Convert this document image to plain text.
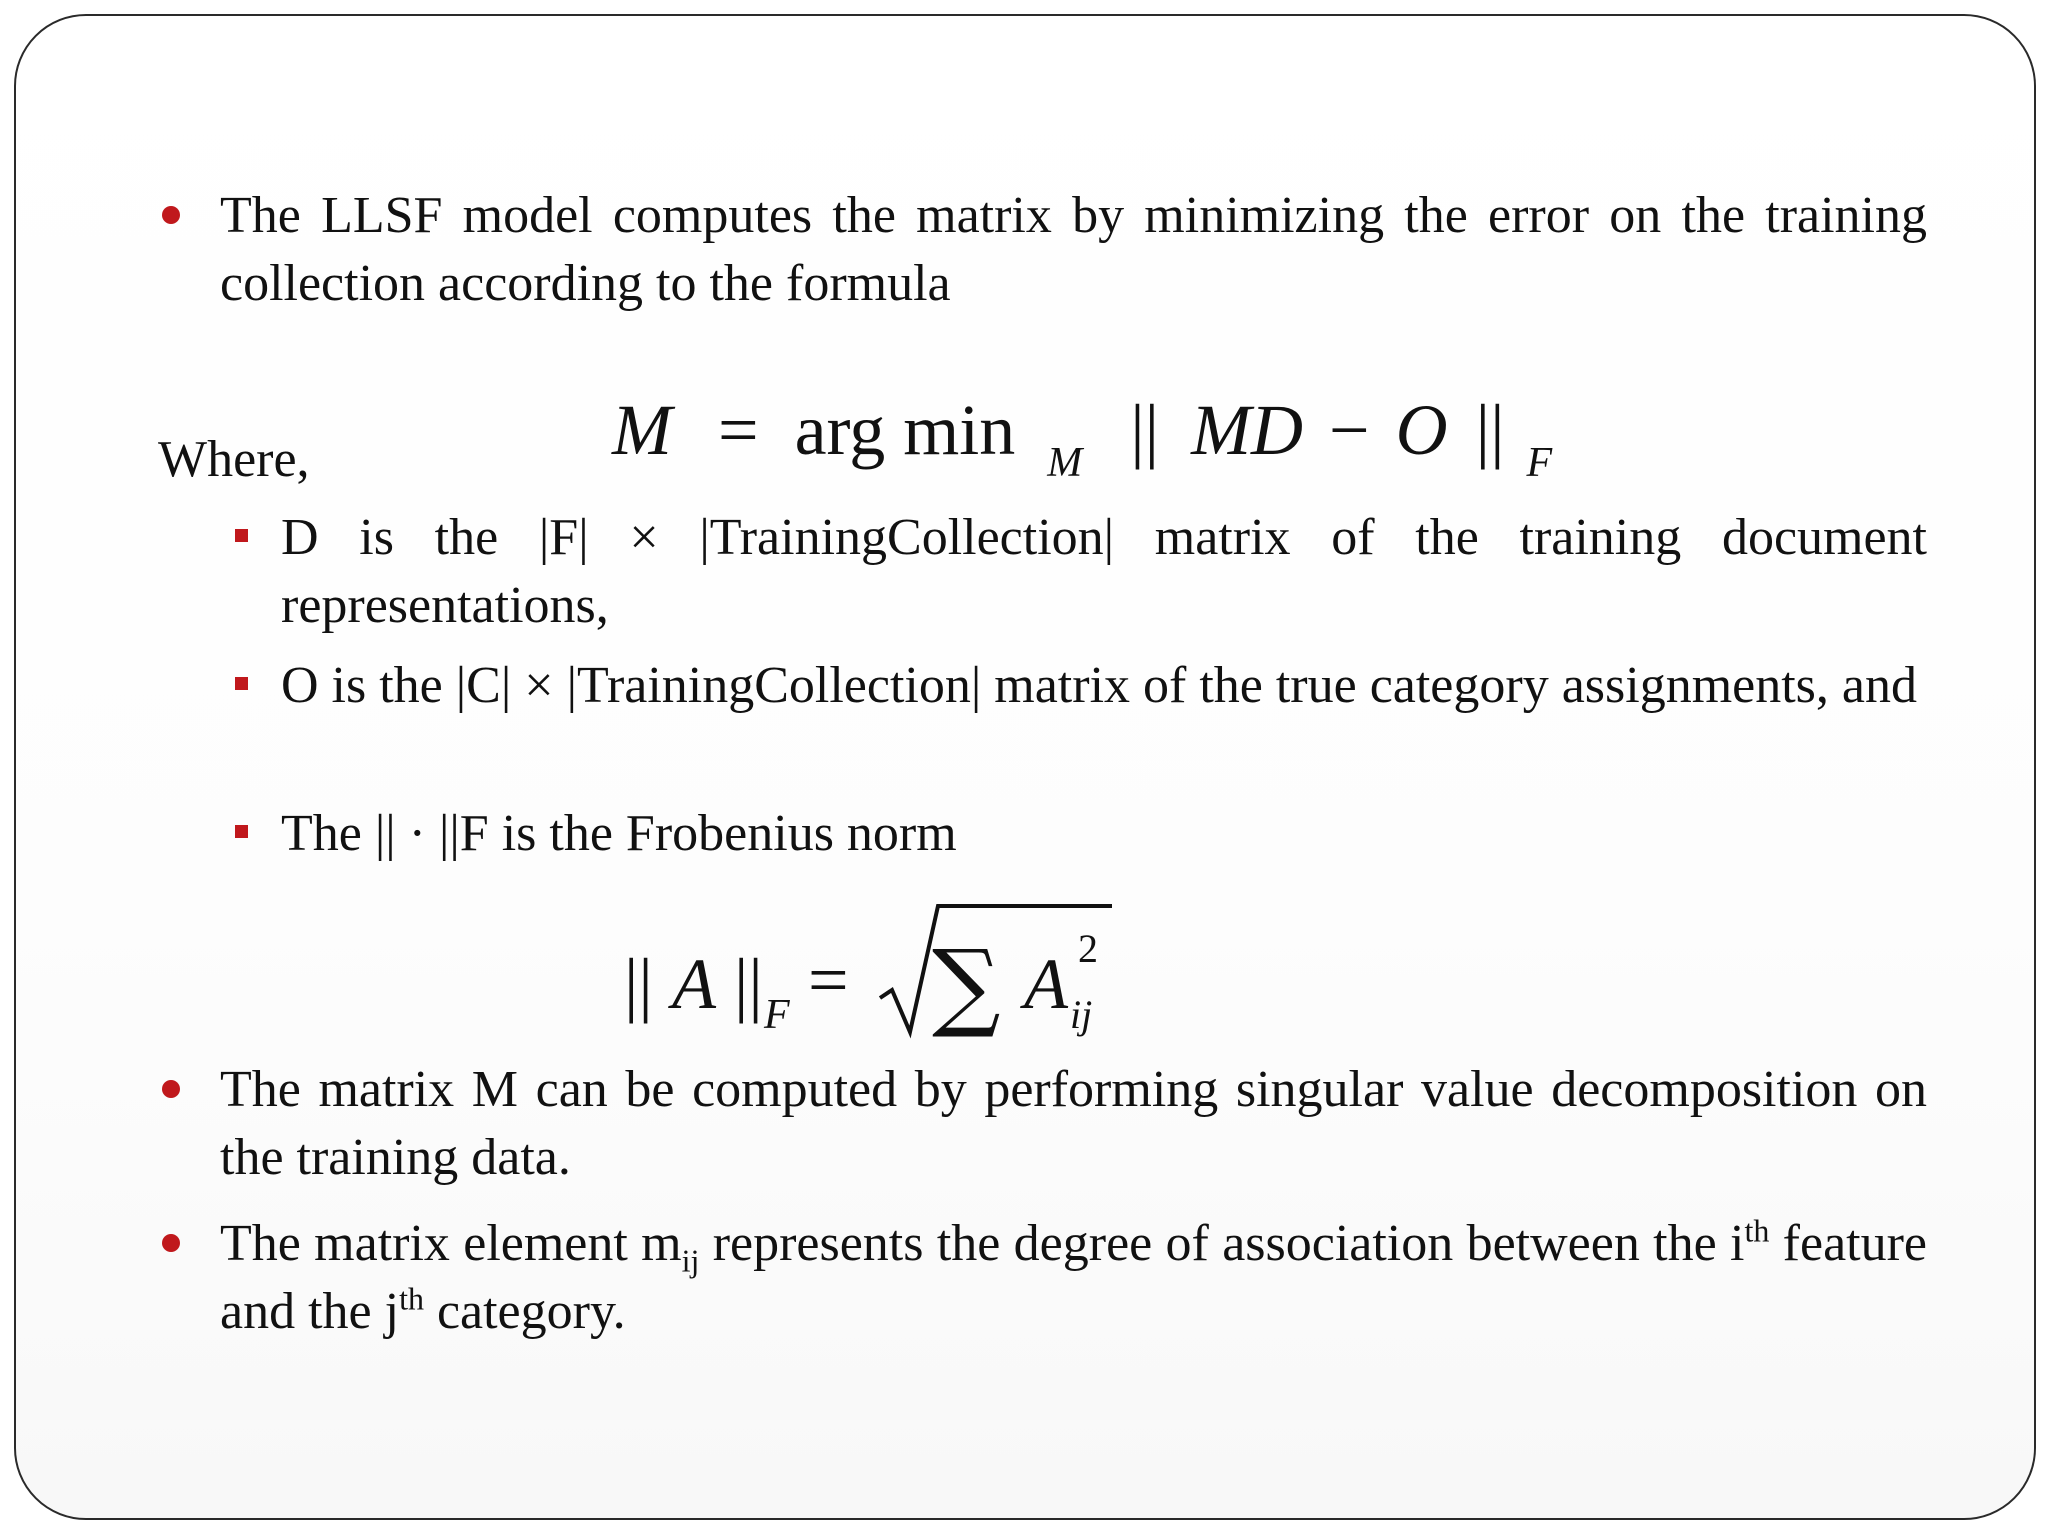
The LLSF model computes the matrix by minimizing the error on the training collection according to the formula
M = arg min $_M$ || MD − O || $_F$
Where,
D is the |F| × |TrainingCollection| matrix of the training document representations,
O is the |C| × |TrainingCollection| matrix of the true category assignments, and
The || · ||F is the Frobenius norm
|| A || F = ∑ A 2
ij
The matrix M can be computed by performing singular value decomposition on the training data.
The matrix element $m_{ij}$ represents the degree of association between the $i^{th}$ feature and the $j^{th}$ category.
